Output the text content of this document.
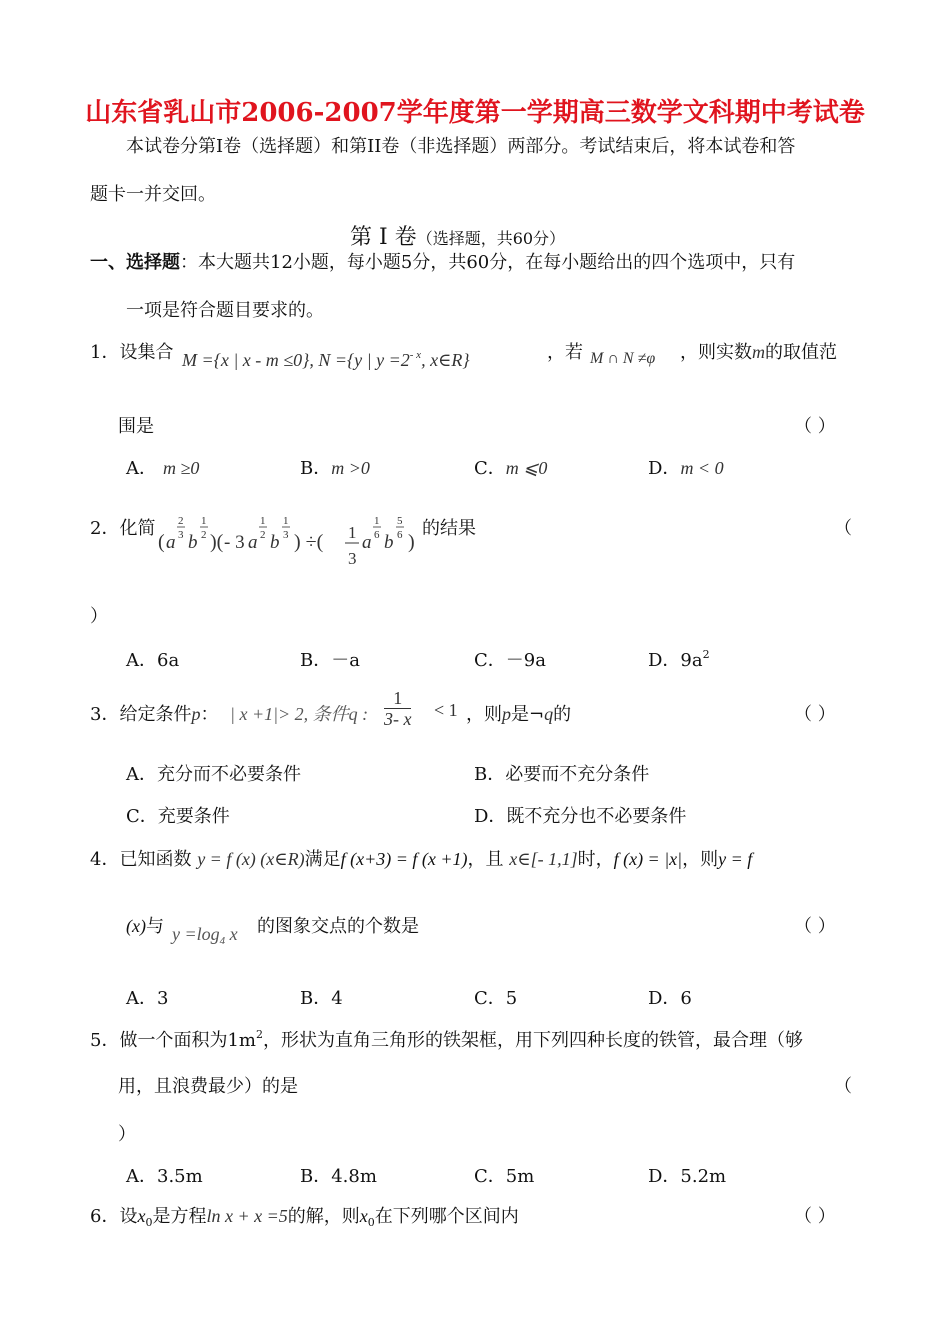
山东省乳山市2006-2007学年度第一学期高三数学文科期中考试卷
本试卷分第I卷（选择题）和第II卷（非选择题）两部分。考试结束后，将本试卷和答
题卡一并交回。
第 I 卷（选择题，共60分）
一、选择题：本大题共12小题，每小题5分，共60分，在每小题给出的四个选项中，只有
一项是符合题目要求的。
1．设集合 M ={x | x - m ≤0}, N ={y | $y =2^{- x}$, x∈R}	，若 M ∩ N ≠φ ，则实数m的取值范
围是	（ ）
A． m ≥0	B．m >0	C．m ⩽0	D．m < 0
2．化简
( a
2
3 b
1
2 )( - 3 a
1
2 b
1
3 ) ÷( 1
3
a
1
6 b
5
6 )
的结果	（
）
A．6a	B．－a	C．－9a	D．$9a^2$
3．给定条件p： | x +1|> 2, 条件q : $\frac{1}{3- x} < 1$ ，则p是¬q的	（ ）
A．充分而不必要条件	B．必要而不充分条件
C．充要条件	D．既不充分也不必要条件
4．已知函数 y = f (x) (x∈R)满足f (x+3) = f (x +1)，且 x∈[- 1,1]时，f (x) = |x|，则y = f
(x)与 $y =\log_4$ x 的图象交点的个数是	（ ）
A．3	B．4	C．5	D．6
5．做一个面积为$1m^2$，形状为直角三角形的铁架框，用下列四种长度的铁管，最合理（够
用，且浪费最少）的是	（
）
A．3.5m	B．4.8m	C．5m	D．5.2m
6．设$x_0$是方程ln x + x =5的解，则$x_0$在下列哪个区间内	（ ）
